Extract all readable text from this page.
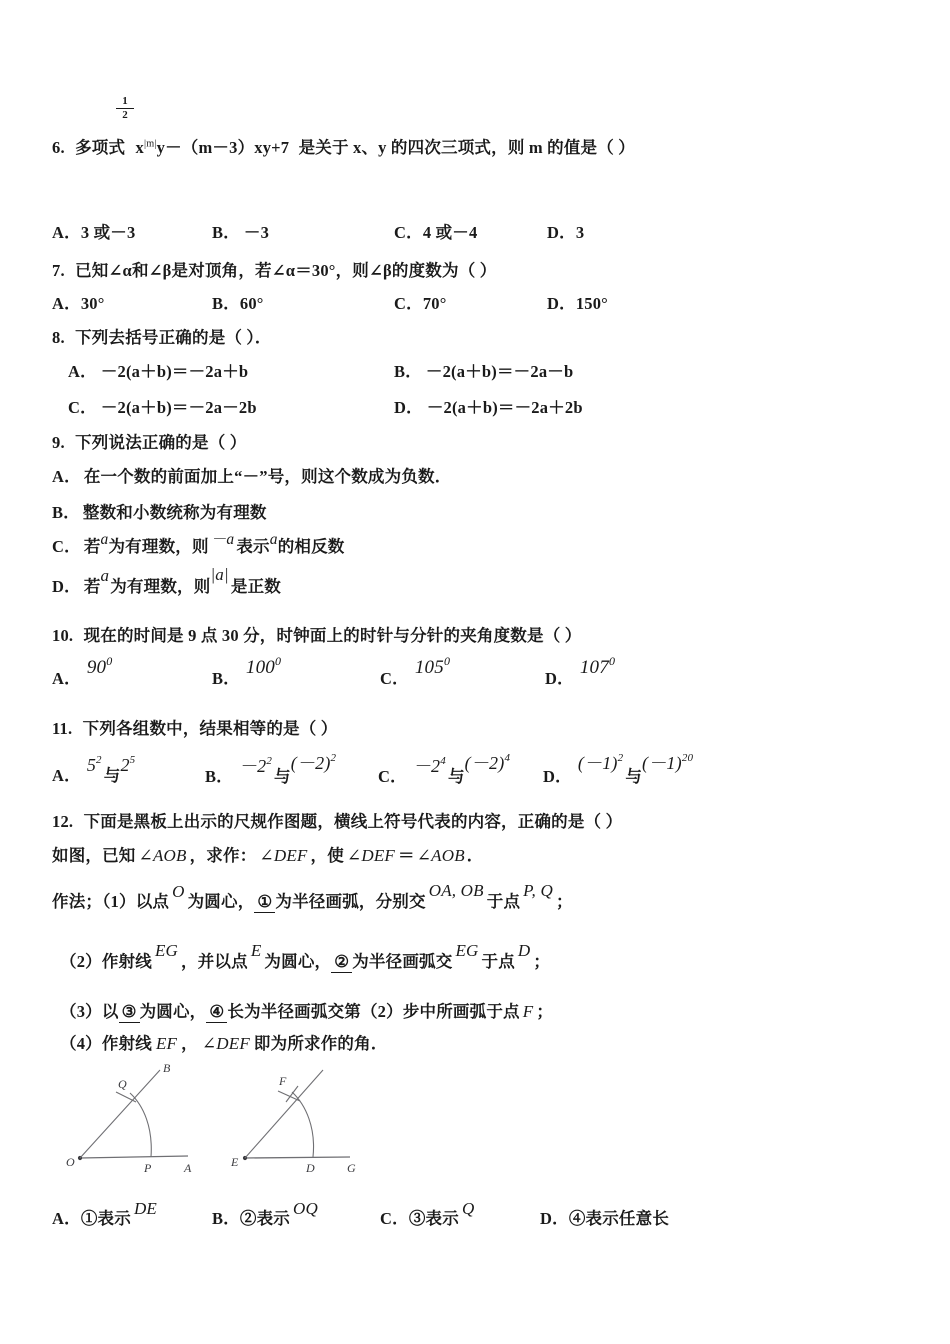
1
2
6. 多项式 $x^{|m|}y-(m-3)xy+7$ 是关于 x、y 的四次三项式，则 m 的值是（ ）
A．3 或－3	B． －3	C．4 或－4	D．3
7. 已知∠α和∠β是对顶角，若∠α＝30°，则∠β的度数为（ ）
A．30°	B．60°	C．70°	D．150°
8. 下列去括号正确的是（ ）．
A． －2(a＋b)＝－2a＋b	B． －2(a＋b)＝－2a－b
C． －2(a＋b)＝－2a－2b	D． －2(a＋b)＝－2a＋2b
9. 下列说法正确的是（ ）
A． 在一个数的前面加上“－”号，则这个数成为负数．
B． 整数和小数统称为有理数
C． 若a为有理数，则 －a 表示a的相反数
D． 若a为有理数，则|a|是正数
10. 现在的时间是 9 点 30 分，时钟面上的时针与分针的夹角度数是（ ）
A．$90^0$
B．$100^0$
C．$105^0$
D．$107^0$
11. 下列各组数中，结果相等的是（ ）
A．$5^2$与$2^5$
B．$-2^2$与$(-2)^2$
C．$-2^4$与$(-2)^4$
D．$(-1)^2$与$(-1)^{20}$
12. 下面是黑板上出示的尺规作图题，横线上符号代表的内容，正确的是（ ）
如图，已知 ∠AOB ，求作： ∠DEF ，使 ∠DEF ＝ ∠AOB ．
作法；（1）以点O为圆心， ① 为半径画弧，分别交OA, OB于点P, Q；
（2）作射线EG，并以点E为圆心， ② 为半径画弧交EG于点D；
（3）以 ③ 为圆心， ④ 长为半径画弧交第（2）步中所画弧于点 F ；
（4）作射线 EF ， ∠DEF 即为所求作的角．
B
Q
O	P	A
F
E	D	G
A．①表示DE
B．②表示OQ
C．③表示Q
D．④表示任意长
